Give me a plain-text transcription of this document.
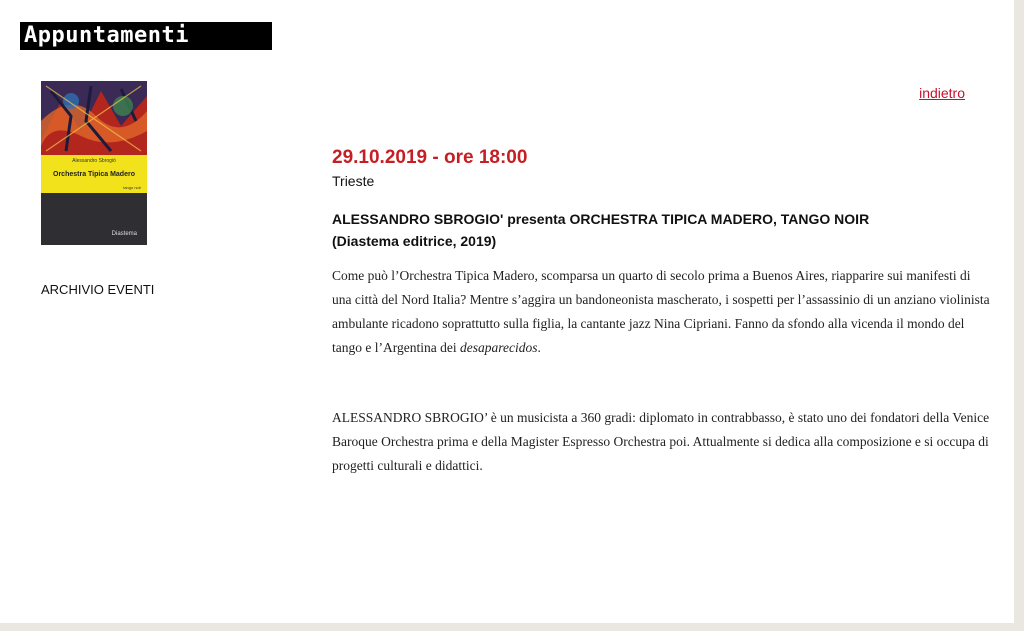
Appuntamenti
Alessandro Sbrogiò
Orchestra Tipica Madero
tango noir
Diastema
ARCHIVIO EVENTI
indietro
29.10.2019 - ore 18:00
Trieste
ALESSANDRO SBROGIO' presenta ORCHESTRA TIPICA MADERO, TANGO NOIR
(Diastema editrice, 2019)
Come può l’Orchestra Tipica Madero, scomparsa un quarto di secolo prima a Buenos Aires, riapparire sui manifesti di una città del Nord Italia? Mentre s’aggira un bandoneonista mascherato, i sospetti per l’assassinio di un anziano violinista ambulante ricadono soprattutto sulla figlia, la cantante jazz Nina Cipriani. Fanno da sfondo alla vicenda il mondo del tango e l’Argentina dei desaparecidos.
ALESSANDRO SBROGIO’ è un musicista a 360 gradi: diplomato in contrabbasso, è stato uno dei fondatori della Venice Baroque Orchestra prima e della Magister Espresso Orchestra poi. Attualmente si dedica alla composizione e si occupa di progetti culturali e didattici.
